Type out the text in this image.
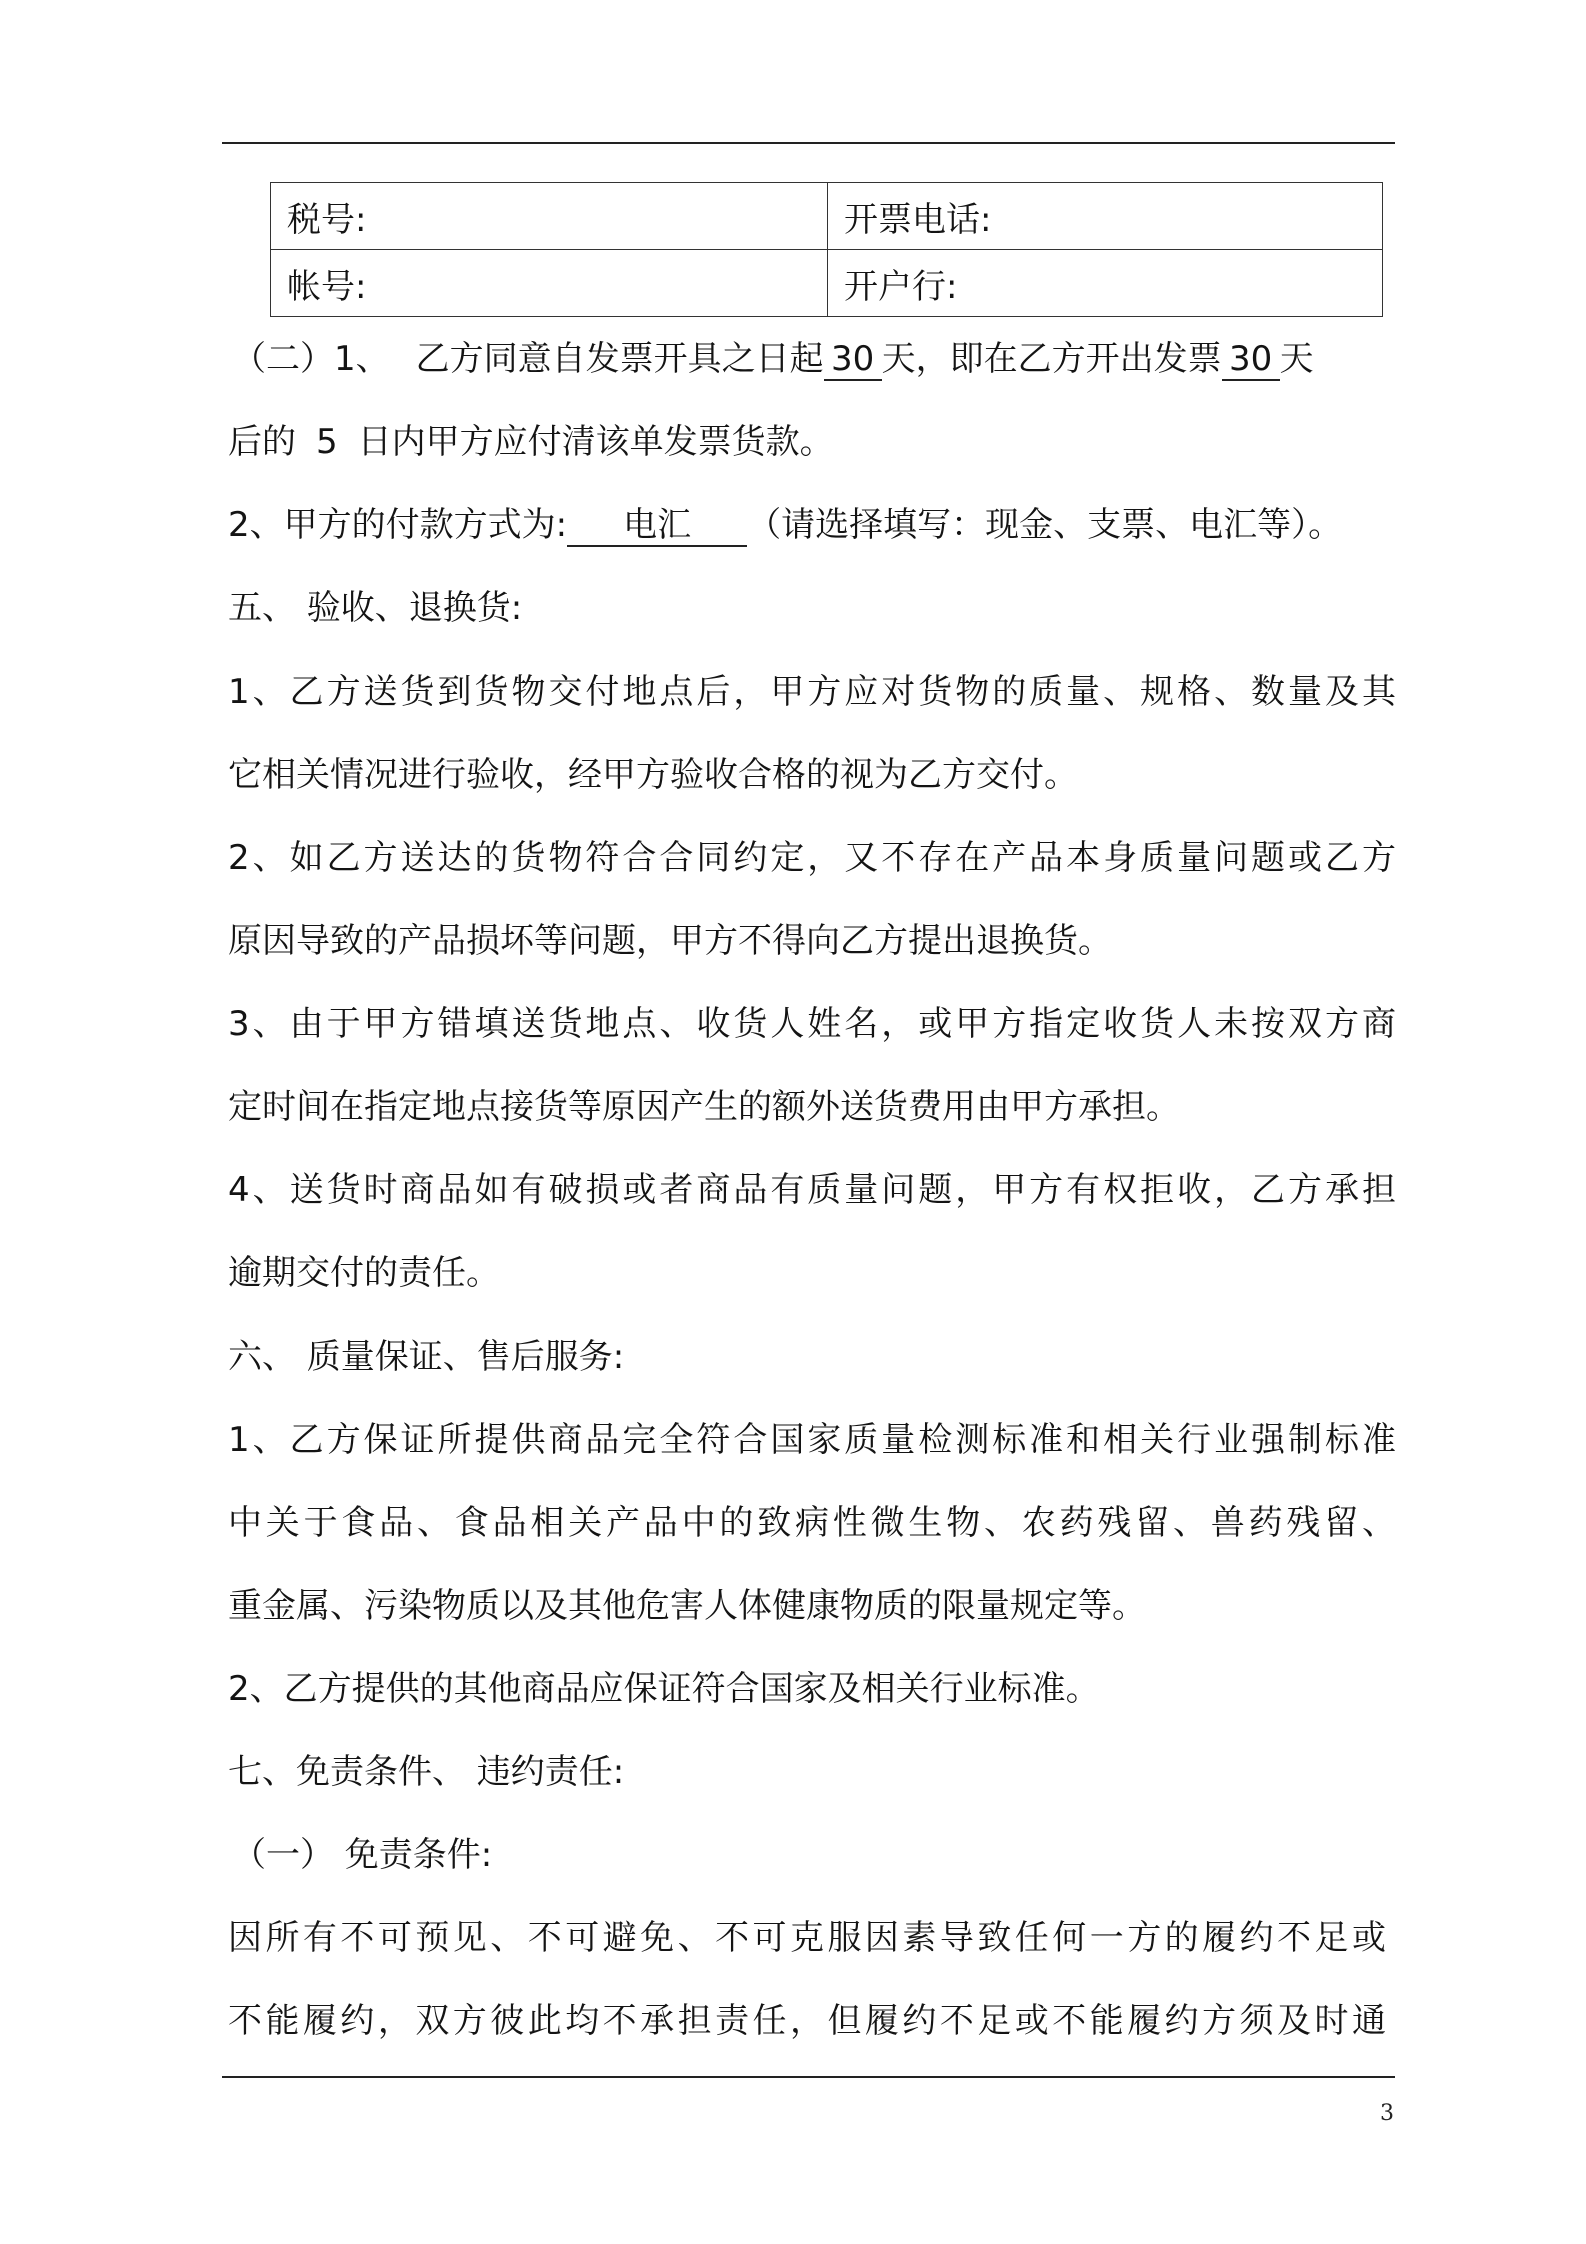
税号:	开票电话:
帐号:	开户行:
（二）1、 乙方同意自发票开具之日起 30 天，即在乙方开出发票 30 天
后的 5 日内甲方应付清该单发票货款。
2、甲方的付款方式为: 电汇 （请选择填写：现金、支票、电汇等）。
五、 验收、退换货:
1、乙方送货到货物交付地点后，甲方应对货物的质量、规格、数量及其
它相关情况进行验收，经甲方验收合格的视为乙方交付。
2、如乙方送达的货物符合合同约定，又不存在产品本身质量问题或乙方
原因导致的产品损坏等问题，甲方不得向乙方提出退换货。
3、由于甲方错填送货地点、收货人姓名，或甲方指定收货人未按双方商
定时间在指定地点接货等原因产生的额外送货费用由甲方承担。
4、送货时商品如有破损或者商品有质量问题，甲方有权拒收，乙方承担
逾期交付的责任。
六、 质量保证、售后服务:
1、乙方保证所提供商品完全符合国家质量检测标准和相关行业强制标准
中关于食品、食品相关产品中的致病性微生物、农药残留、兽药残留、
重金属、污染物质以及其他危害人体健康物质的限量规定等。
2、乙方提供的其他商品应保证符合国家及相关行业标准。
七、免责条件、 违约责任:
（一） 免责条件:
因所有不可预见、不可避免、不可克服因素导致任何一方的履约不足或
不能履约，双方彼此均不承担责任，但履约不足或不能履约方须及时通
3
